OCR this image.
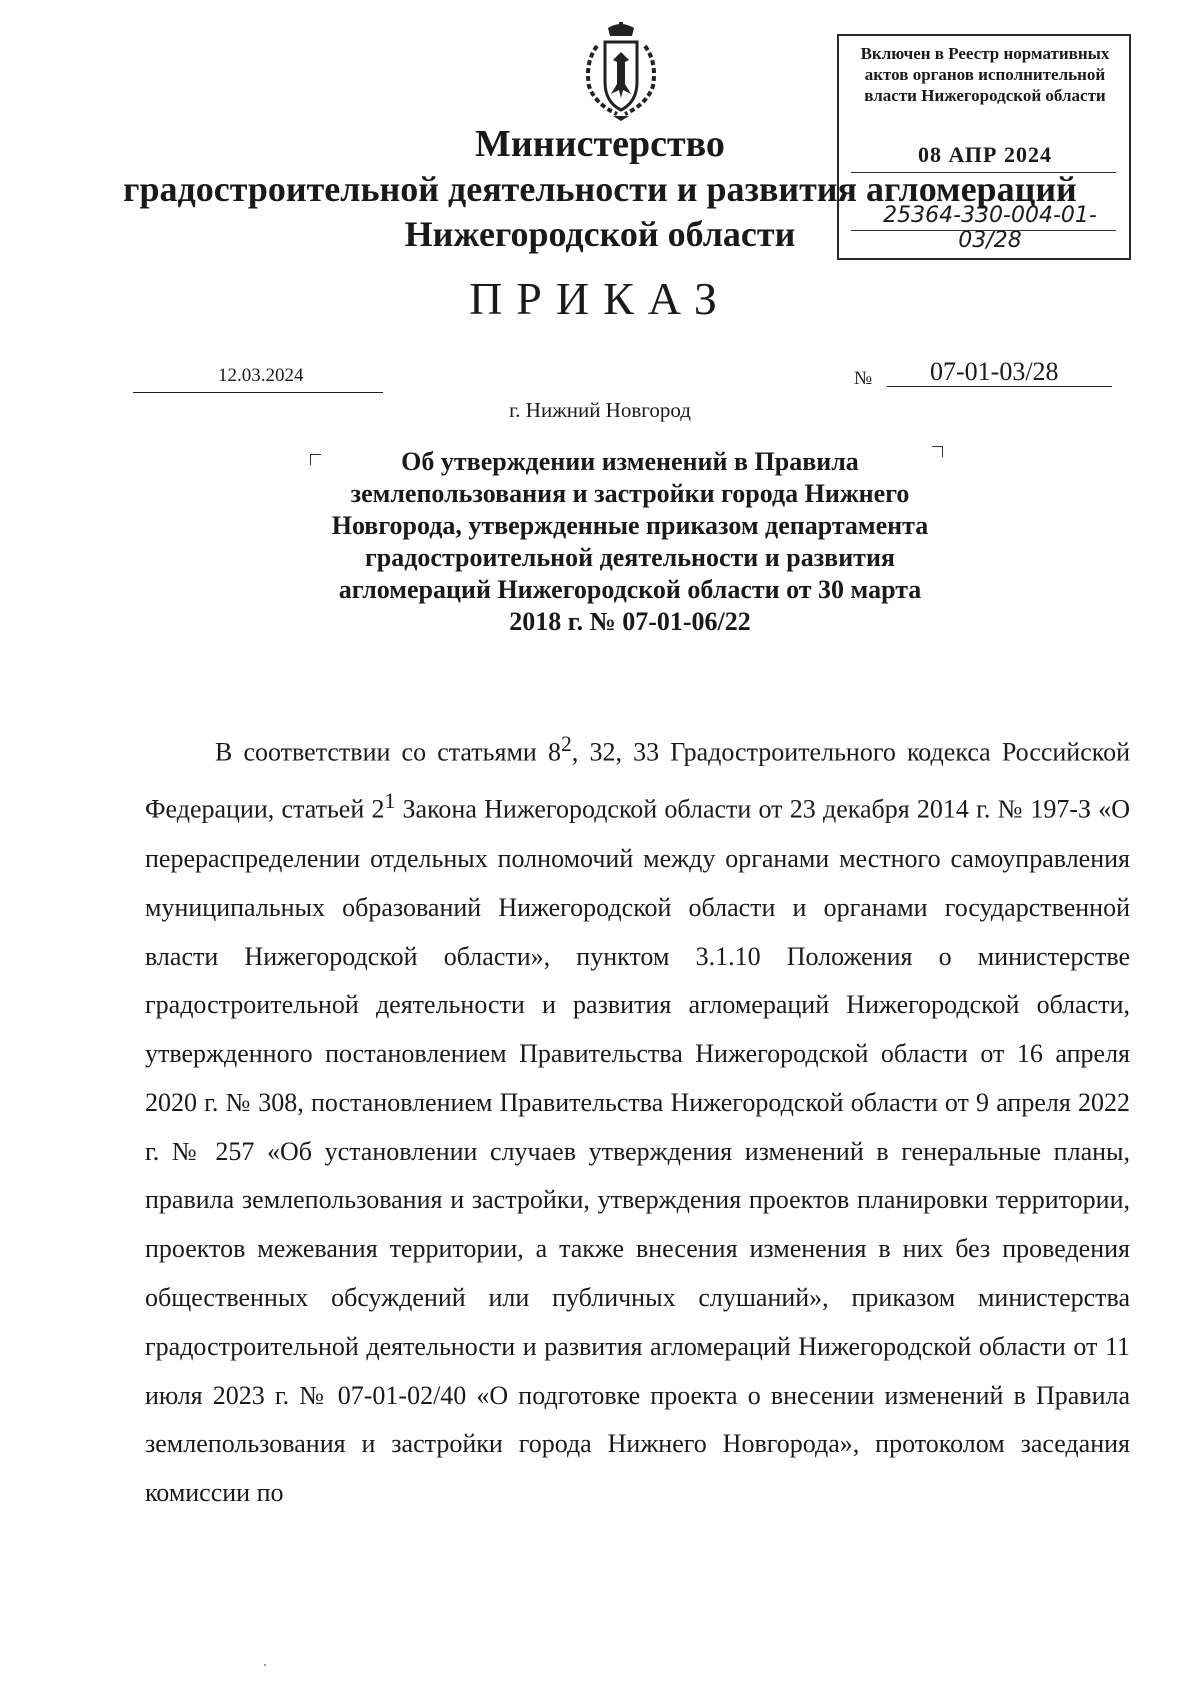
Министерство
градостроительной деятельности и развития агломераций
Нижегородской области
Включен в Реестр нормативных актов органов исполнительной власти Нижегородской области
08 АПР 2024
25364-330-004-01-03/28
ПРИКАЗ
12.03.2024	№ 07-01-03/28
г. Нижний Новгород
Об утверждении изменений в Правила землепользования и застройки города Нижнего Новгорода, утвержденные приказом департамента градостроительной деятельности и развития агломераций Нижегородской области от 30 марта 2018 г. № 07-01-06/22
В соответствии со статьями $8^2$, 32, 33 Градостроительного кодекса Российской Федерации, статьей $2^1$ Закона Нижегородской области от 23 декабря 2014 г. № 197-З «О перераспределении отдельных полномочий между органами местного самоуправления муниципальных образований Нижегородской области и органами государственной власти Нижегородской области», пунктом 3.1.10 Положения о министерстве градостроительной деятельности и развития агломераций Нижегородской области, утвержденного постановлением Правительства Нижегородской области от 16 апреля 2020 г. № 308, постановлением Правительства Нижегородской области от 9 апреля 2022 г. № 257 «Об установлении случаев утверждения изменений в генеральные планы, правила землепользования и застройки, утверждения проектов планировки территории, проектов межевания территории, а также внесения изменения в них без проведения общественных обсуждений или публичных слушаний», приказом министерства градостроительной деятельности и развития агломераций Нижегородской области от 11 июля 2023 г. № 07-01-02/40 «О подготовке проекта о внесении изменений в Правила землепользования и застройки города Нижнего Новгорода», протоколом заседания комиссии по
